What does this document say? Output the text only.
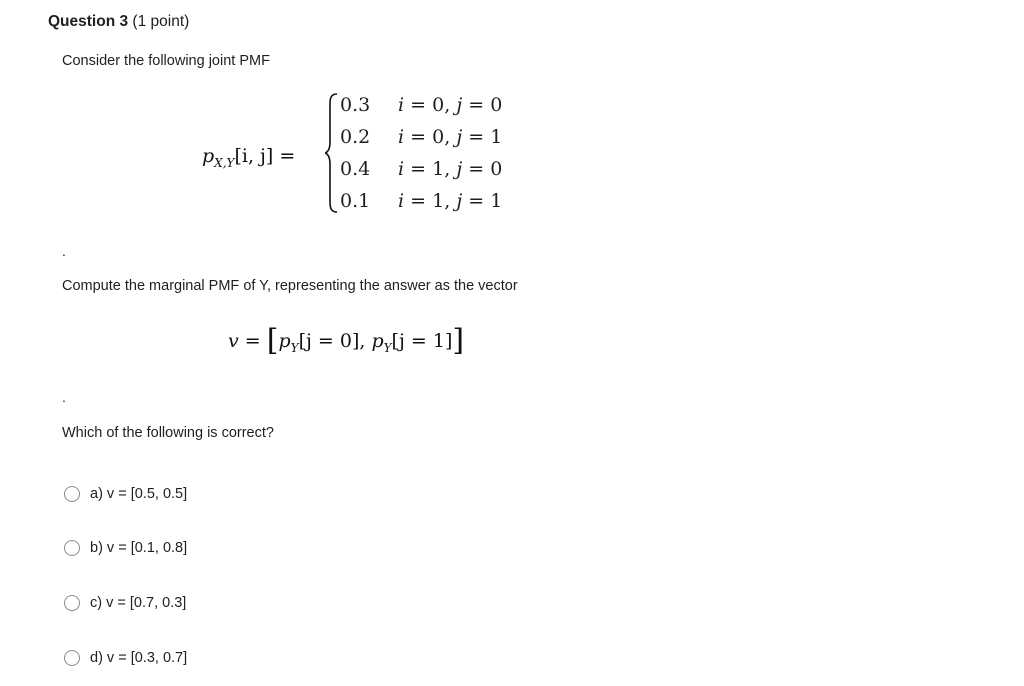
Question 3 (1 point)
Consider the following joint PMF
$p_{X,Y}[i$, j] =
0.3 i = 0, j = 0
0.2 i = 0, j = 1
0.4 i = 1, j = 0
0.1 i = 1, j = 1
.
Compute the marginal PMF of Y, representing the answer as the vector
$v = [p_Y[j = 0]$, $p_Y[j = 1]$]
.
Which of the following is correct?
a) v = [0.5, 0.5]
b) v = [0.1, 0.8]
c) v = [0.7, 0.3]
d) v = [0.3, 0.7]
